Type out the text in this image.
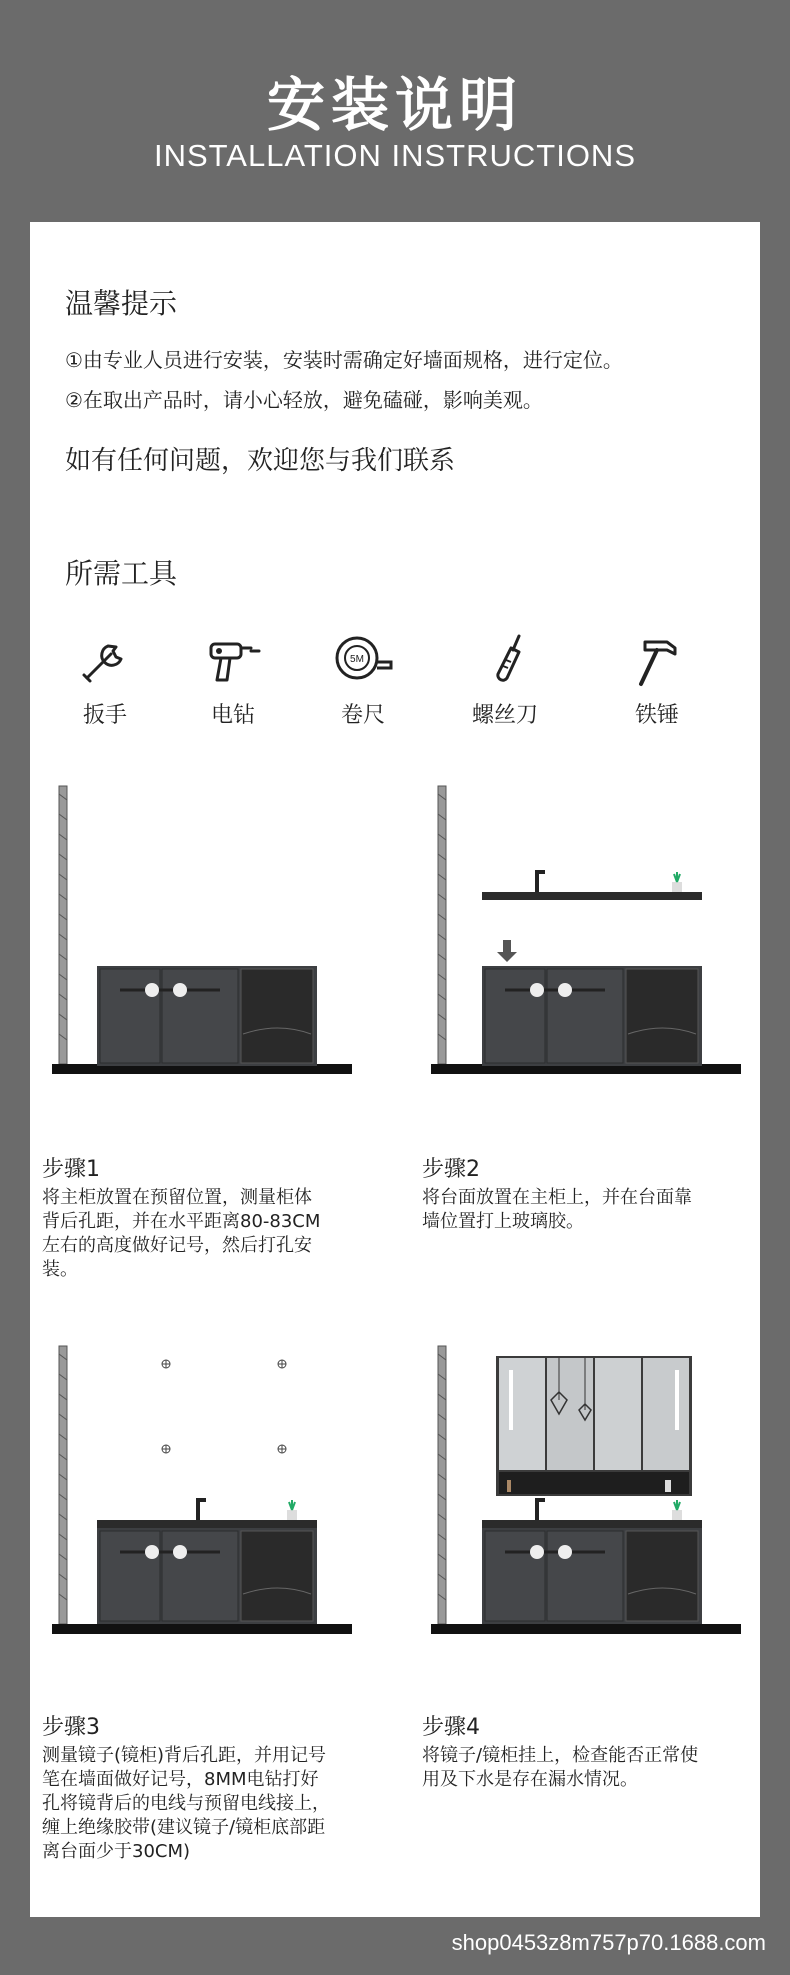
安装说明
INSTALLATION INSTRUCTIONS
温馨提示
①由专业人员进行安装，安装时需确定好墙面规格，进行定位。
②在取出产品时，请小心轻放，避免磕碰，影响美观。
如有任何问题，欢迎您与我们联系
所需工具
扳手	电钻
5M
卷尺	螺丝刀	铁锤
步骤1
将主柜放置在预留位置，测量柜体
背后孔距，并在水平距离80-83CM
左右的高度做好记号，然后打孔安
装。
步骤2
将台面放置在主柜上，并在台面靠
墙位置打上玻璃胶。
步骤3
测量镜子(镜柜)背后孔距，并用记号
笔在墙面做好记号，8MM电钻打好
孔将镜背后的电线与预留电线接上，
缠上绝缘胶带(建议镜子/镜柜底部距
离台面少于30CM)
步骤4
将镜子/镜柜挂上，检查能否正常使
用及下水是存在漏水情况。
shop0453z8m757p70.1688.com
